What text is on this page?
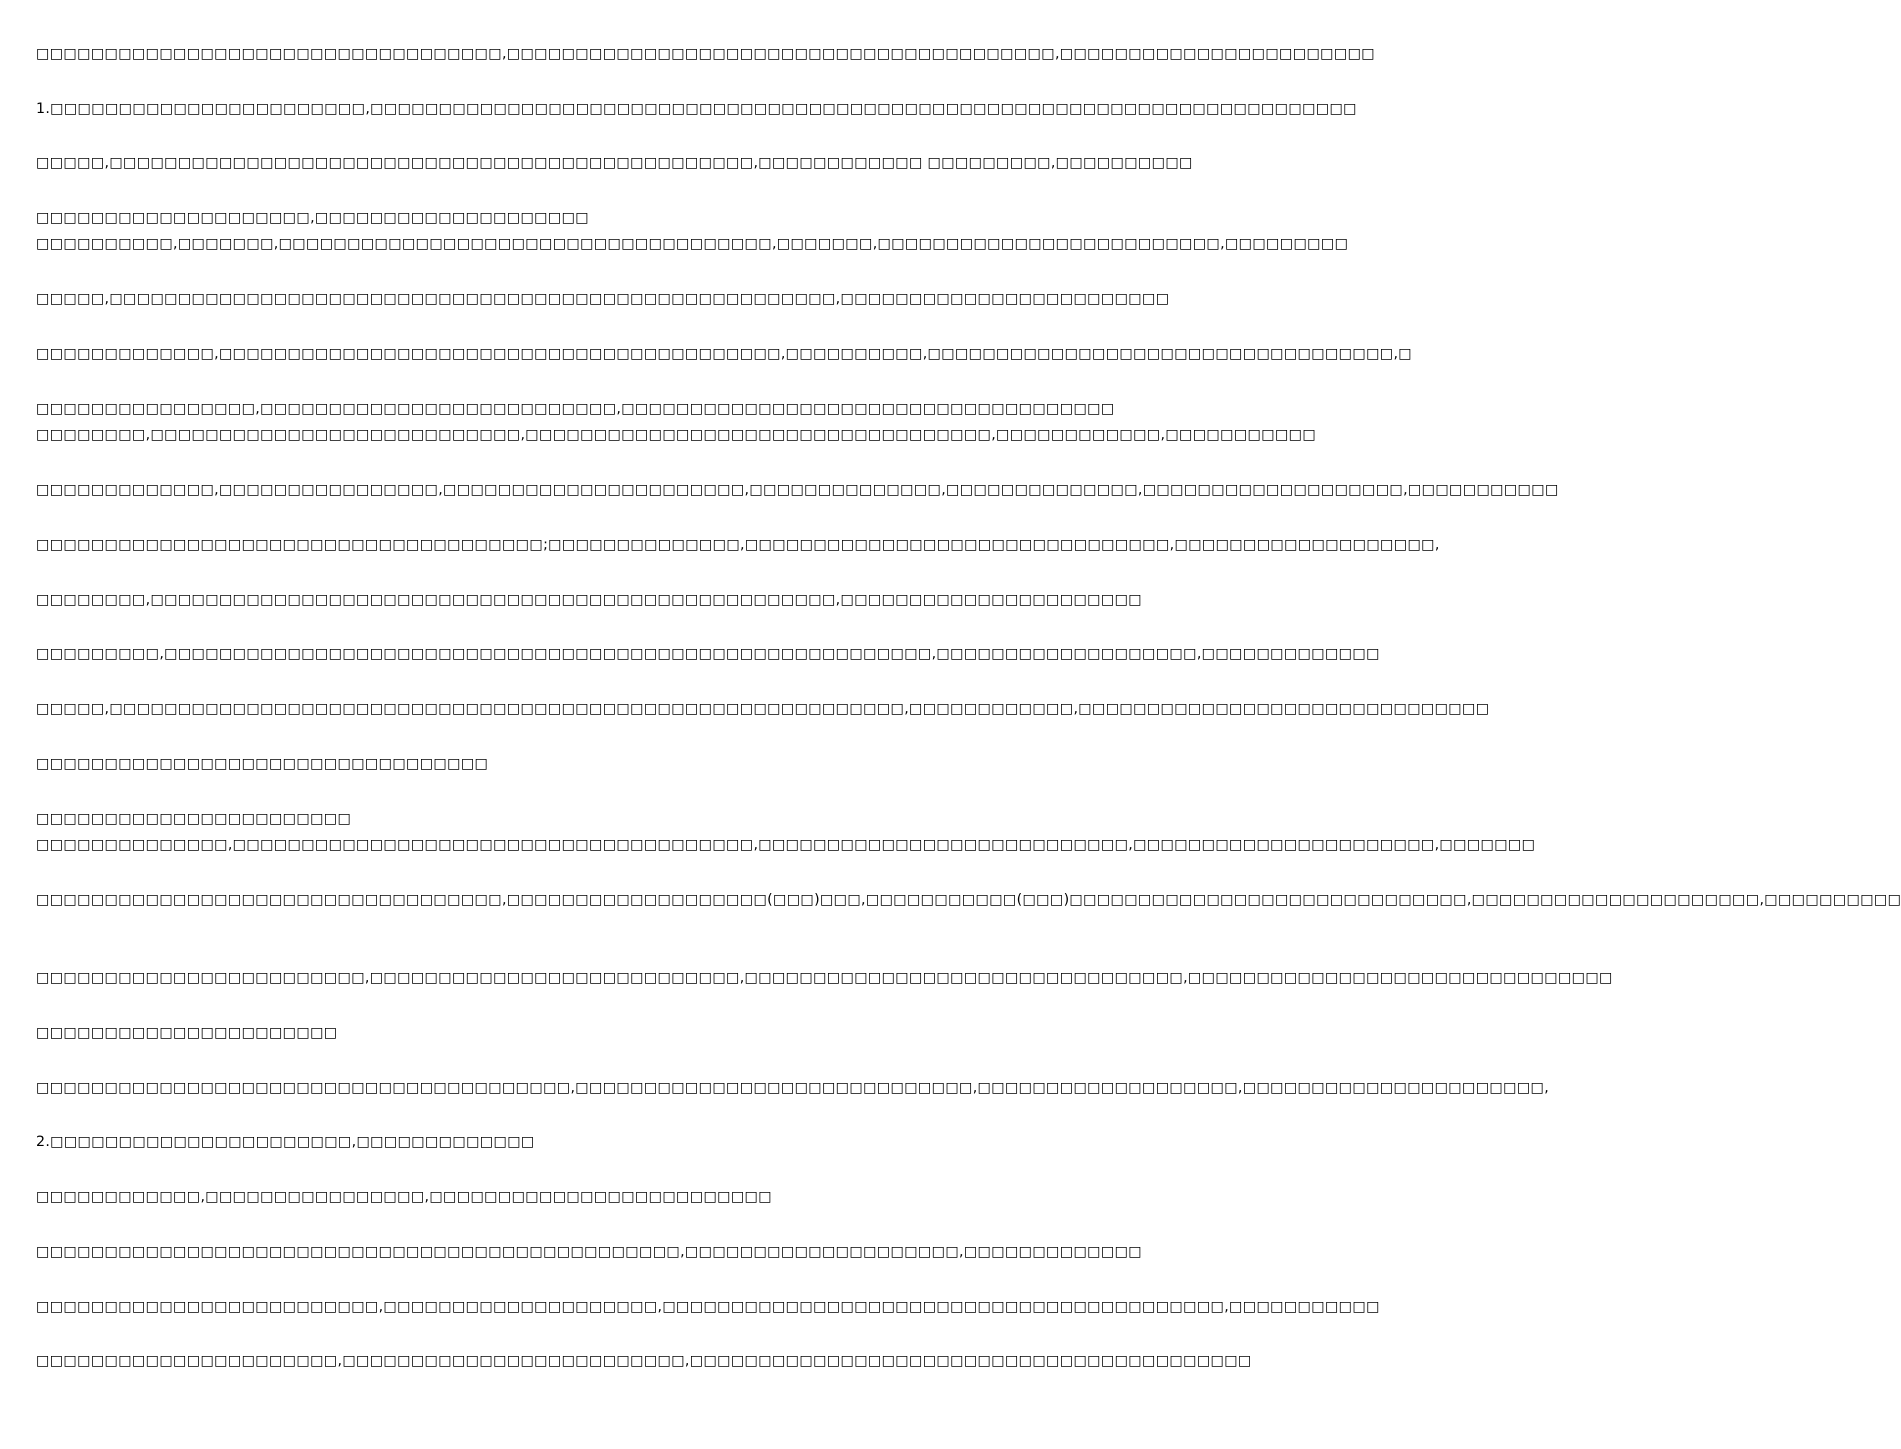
□□□□□□□□□□□□□□□□□□□□□□□□□□□□□□□□□□,□□□□□□□□□□□□□□□□□□□□□□□□□□□□□□□□□□□□□□□□,□□□□□□□□□□□□□□□□□□□□□□□
1.□□□□□□□□□□□□□□□□□□□□□□□,□□□□□□□□□□□□□□□□□□□□□□□□□□□□□□□□□□□□□□□□□□□□□□□□□□□□□□□□□□□□□□□□□□□□□□□□
□□□□□,□□□□□□□□□□□□□□□□□□□□□□□□□□□□□□□□□□□□□□□□□□□□□□□,□□□□□□□□□□□□ □□□□□□□□□,□□□□□□□□□□
□□□□□□□□□□□□□□□□□□□□,□□□□□□□□□□□□□□□□□□□□
□□□□□□□□□□,□□□□□□□,□□□□□□□□□□□□□□□□□□□□□□□□□□□□□□□□□□□□,□□□□□□□,□□□□□□□□□□□□□□□□□□□□□□□□□,□□□□□□□□□
□□□□□,□□□□□□□□□□□□□□□□□□□□□□□□□□□□□□□□□□□□□□□□□□□□□□□□□□□□□,□□□□□□□□□□□□□□□□□□□□□□□□
□□□□□□□□□□□□□,□□□□□□□□□□□□□□□□□□□□□□□□□□□□□□□□□□□□□□□□□,□□□□□□□□□□,□□□□□□□□□□□□□□□□□□□□□□□□□□□□□□□□□□,□
□□□□□□□□□□□□□□□□,□□□□□□□□□□□□□□□□□□□□□□□□□□,□□□□□□□□□□□□□□□□□□□□□□□□□□□□□□□□□□□□
□□□□□□□□,□□□□□□□□□□□□□□□□□□□□□□□□□□□,□□□□□□□□□□□□□□□□□□□□□□□□□□□□□□□□□□,□□□□□□□□□□□□,□□□□□□□□□□□
□□□□□□□□□□□□□,□□□□□□□□□□□□□□□□,□□□□□□□□□□□□□□□□□□□□□□,□□□□□□□□□□□□□□,□□□□□□□□□□□□□□,□□□□□□□□□□□□□□□□□□□,□□□□□□□□□□□
□□□□□□□□□□□□□□□□□□□□□□□□□□□□□□□□□□□□□;□□□□□□□□□□□□□□,□□□□□□□□□□□□□□□□□□□□□□□□□□□□□□□,□□□□□□□□□□□□□□□□□□□,
□□□□□□□□,□□□□□□□□□□□□□□□□□□□□□□□□□□□□□□□□□□□□□□□□□□□□□□□□□□,□□□□□□□□□□□□□□□□□□□□□□
□□□□□□□□□,□□□□□□□□□□□□□□□□□□□□□□□□□□□□□□□□□□□□□□□□□□□□□□□□□□□□□□□□,□□□□□□□□□□□□□□□□□□□,□□□□□□□□□□□□□
□□□□□,□□□□□□□□□□□□□□□□□□□□□□□□□□□□□□□□□□□□□□□□□□□□□□□□□□□□□□□□□□,□□□□□□□□□□□□,□□□□□□□□□□□□□□□□□□□□□□□□□□□□□□
□□□□□□□□□□□□□□□□□□□□□□□□□□□□□□□□□
□□□□□□□□□□□□□□□□□□□□□□□
□□□□□□□□□□□□□□,□□□□□□□□□□□□□□□□□□□□□□□□□□□□□□□□□□□□□□,□□□□□□□□□□□□□□□□□□□□□□□□□□□,□□□□□□□□□□□□□□□□□□□□□□,□□□□□□□
□□□□□□□□□□□□□□□□□□□□□□□□□□□□□□□□□□,□□□□□□□□□□□□□□□□□□□(□□□)□□□,□□□□□□□□□□□(□□□)□□□□□□□□□□□□□□□□□□□□□□□□□□□□□,□□□□□□□□□□□□□□□□□□□□□,□□□□□□□□□□
□□□□□□□□□□□□□□□□□□□□□□□□,□□□□□□□□□□□□□□□□□□□□□□□□□□□,□□□□□□□□□□□□□□□□□□□□□□□□□□□□□□□□,□□□□□□□□□□□□□□□□□□□□□□□□□□□□□□□
□□□□□□□□□□□□□□□□□□□□□□
□□□□□□□□□□□□□□□□□□□□□□□□□□□□□□□□□□□□□□□,□□□□□□□□□□□□□□□□□□□□□□□□□□□□□,□□□□□□□□□□□□□□□□□□□,□□□□□□□□□□□□□□□□□□□□□□,
2.□□□□□□□□□□□□□□□□□□□□□□,□□□□□□□□□□□□□
□□□□□□□□□□□□,□□□□□□□□□□□□□□□□,□□□□□□□□□□□□□□□□□□□□□□□□□
□□□□□□□□□□□□□□□□□□□□□□□□□□□□□□□□□□□□□□□□□□□□□□□,□□□□□□□□□□□□□□□□□□□□,□□□□□□□□□□□□□
□□□□□□□□□□□□□□□□□□□□□□□□□,□□□□□□□□□□□□□□□□□□□□,□□□□□□□□□□□□□□□□□□□□□□□□□□□□□□□□□□□□□□□□□,□□□□□□□□□□□
□□□□□□□□□□□□□□□□□□□□□□,□□□□□□□□□□□□□□□□□□□□□□□□□,□□□□□□□□□□□□□□□□□□□□□□□□□□□□□□□□□□□□□□□□□
